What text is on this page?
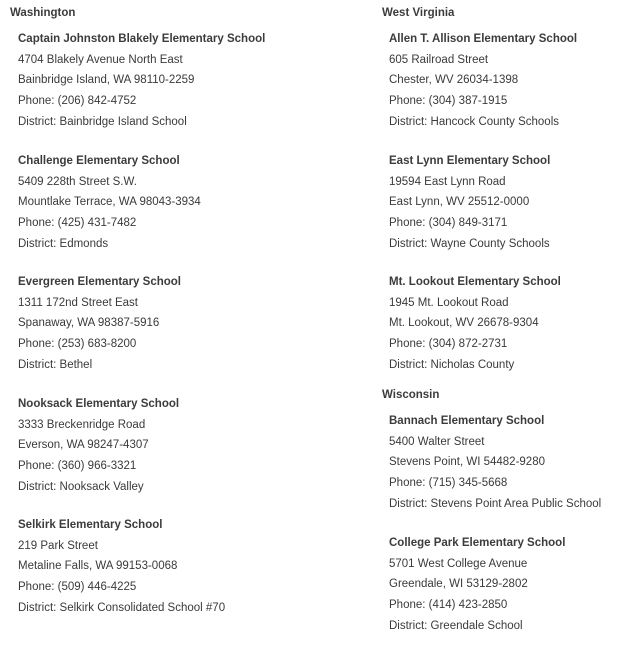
Washington
Captain Johnston Blakely Elementary School
4704 Blakely Avenue North East
Bainbridge Island, WA 98110-2259
Phone: (206) 842-4752
District: Bainbridge Island School
Challenge Elementary School
5409 228th Street S.W.
Mountlake Terrace, WA 98043-3934
Phone: (425) 431-7482
District: Edmonds
Evergreen Elementary School
1311 172nd Street East
Spanaway, WA 98387-5916
Phone: (253) 683-8200
District: Bethel
Nooksack Elementary School
3333 Breckenridge Road
Everson, WA 98247-4307
Phone: (360) 966-3321
District: Nooksack Valley
Selkirk Elementary School
219 Park Street
Metaline Falls, WA 99153-0068
Phone: (509) 446-4225
District: Selkirk Consolidated School #70
West Virginia
Allen T. Allison Elementary School
605 Railroad Street
Chester, WV 26034-1398
Phone: (304) 387-1915
District: Hancock County Schools
East Lynn Elementary School
19594 East Lynn Road
East Lynn, WV 25512-0000
Phone: (304) 849-3171
District: Wayne County Schools
Mt. Lookout Elementary School
1945 Mt. Lookout Road
Mt. Lookout, WV 26678-9304
Phone: (304) 872-2731
District: Nicholas County
Wisconsin
Bannach Elementary School
5400 Walter Street
Stevens Point, WI 54482-9280
Phone: (715) 345-5668
District: Stevens Point Area Public School
College Park Elementary School
5701 West College Avenue
Greendale, WI 53129-2802
Phone: (414) 423-2850
District: Greendale School
